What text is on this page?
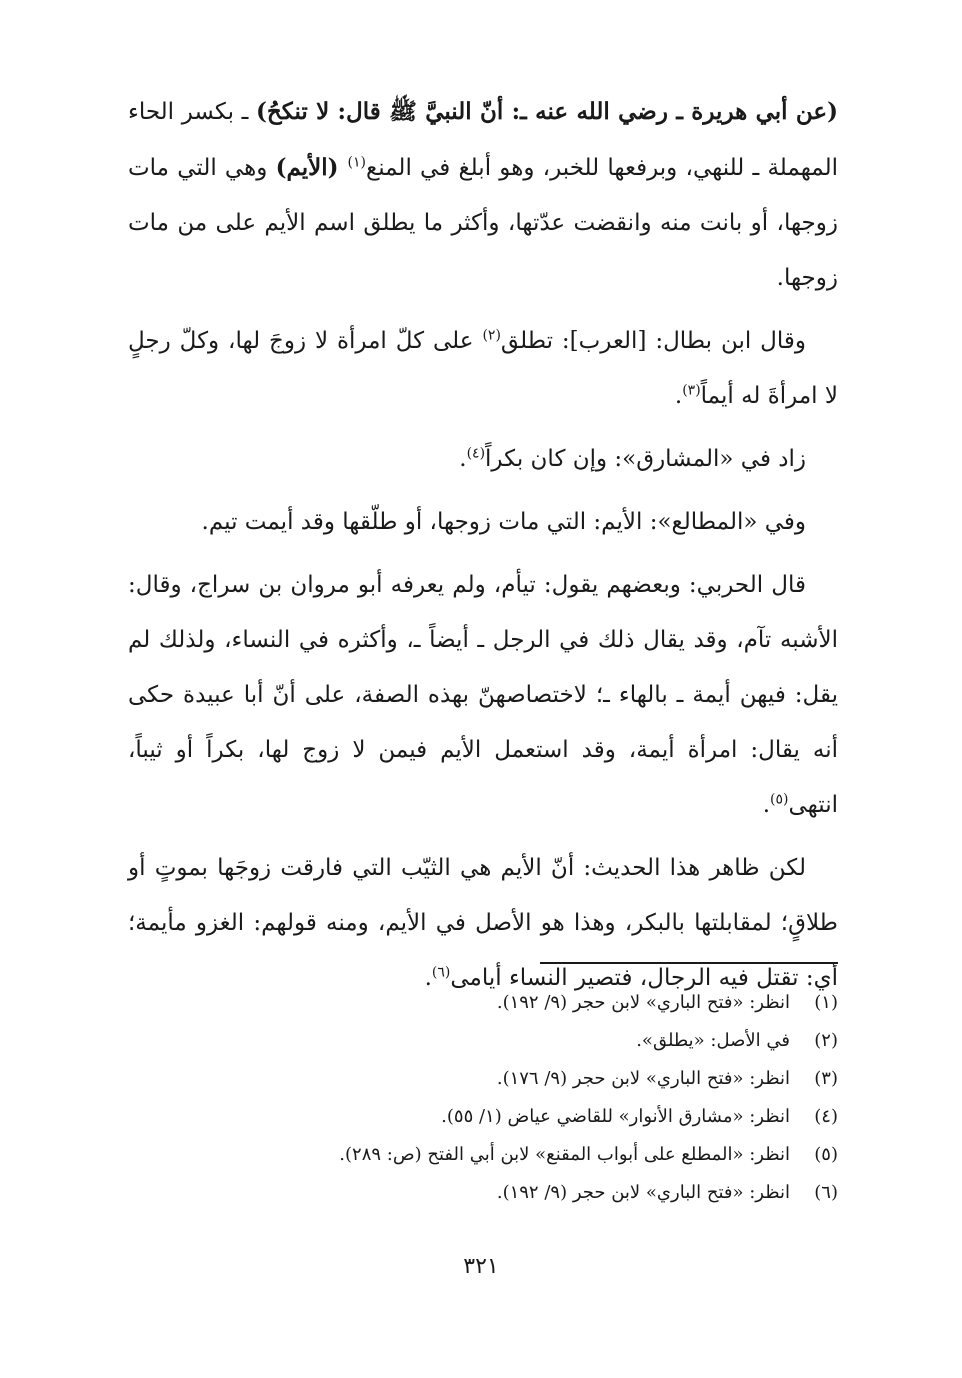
(عن أبي هريرة ـ رضي الله عنه ـ: أنّ النبيَّ ﷺ قال: لا تنكحُ) ـ بكسر الحاء المهملة ـ للنهي، وبرفعها للخبر، وهو أبلغ في المنع$^{(١)}$ (الأيم) وهي التي مات زوجها، أو بانت منه وانقضت عدّتها، وأكثر ما يطلق اسم الأيم على من مات زوجها.

وقال ابن بطال: [العرب]: تطلق$^{(٢)}$ على كلّ امرأة لا زوجَ لها، وكلّ رجلٍ لا امرأةَ له أيماً$^{(٣)}$.

زاد في «المشارق»: وإن كان بكراً$^{(٤)}$.

وفي «المطالع»: الأيم: التي مات زوجها، أو طلّقها وقد أيمت تيم.

قال الحربي: وبعضهم يقول: تيأم، ولم يعرفه أبو مروان بن سراج، وقال: الأشبه تآم، وقد يقال ذلك في الرجل ـ أيضاً ـ، وأكثره في النساء، ولذلك لم يقل: فيهن أيمة ـ بالهاء ـ؛ لاختصاصهنّ بهذه الصفة، على أنّ أبا عبيدة حكى أنه يقال: امرأة أيمة، وقد استعمل الأيم فيمن لا زوج لها، بكراً أو ثيباً، انتهى$^{(٥)}$.

لكن ظاهر هذا الحديث: أنّ الأيم هي الثيّب التي فارقت زوجَها بموتٍ أو طلاقٍ؛ لمقابلتها بالبكر، وهذا هو الأصل في الأيم، ومنه قولهم: الغزو مأيمة؛ أي: تقتل فيه الرجال، فتصير النساء أيامى$^{(٦)}$.

(١)
انظر: «فتح الباري» لابن حجر (٩/ ١٩٢).
(٢)
في الأصل: «يطلق».
(٣)
انظر: «فتح الباري» لابن حجر (٩/ ١٧٦).
(٤)
انظر: «مشارق الأنوار» للقاضي عياض (١/ ٥٥).
(٥)
انظر: «المطلع على أبواب المقنع» لابن أبي الفتح (ص: ٢٨٩).
(٦)
انظر: «فتح الباري» لابن حجر (٩/ ١٩٢).
٣٢١
